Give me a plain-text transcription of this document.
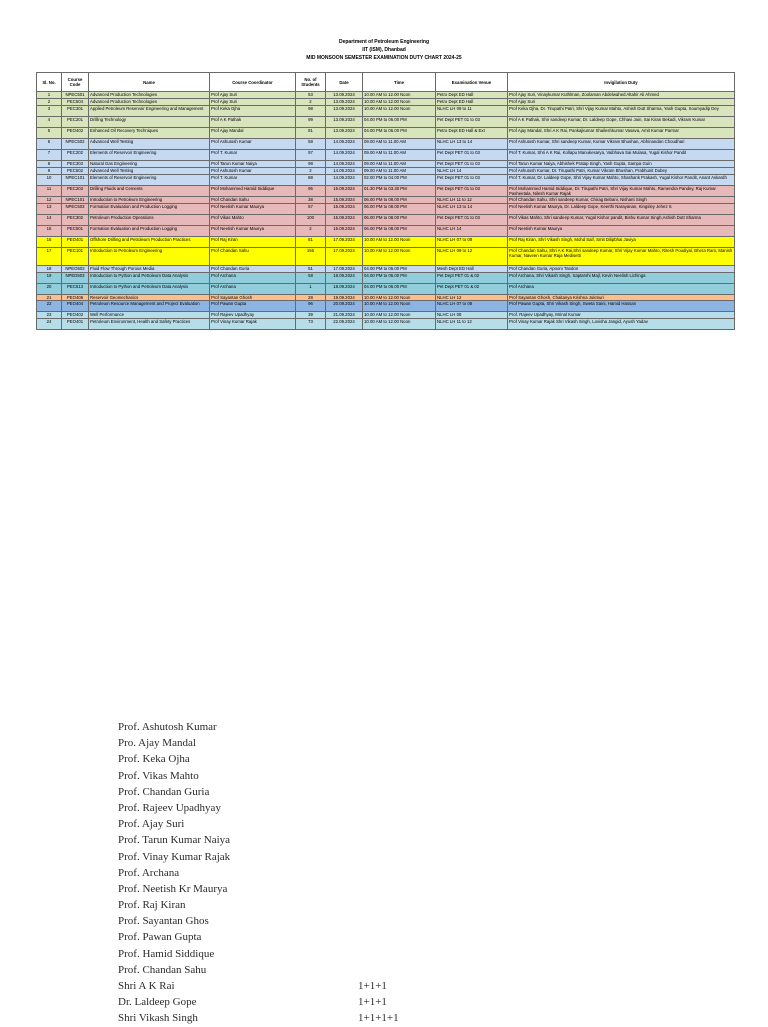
Department of Petroleum Engineering
IIT (ISM), Dhanbad
MID MONSOON SEMESTER EXAMINATION DUTY CHART 2024-25
Sl. No.	Course Code	Name	Course Coordinator	No. of Students	Date	Time	Examination Venue	Invigilation Duty
1	NPEC501	Advanced Production Technologies	Prof Ajay Suri	53	13.09.2024	10.00 AM to 12.00 Noon	Petro Dept ED Hall	Prof Ajay Suri, Vinaykumar Kuthlman, Zoolaman Abdelwahed Altahir Ali Ahmed
2	PEC504	Advanced Production Technologies	Prof Ajay Suri	2	13.09.2024	10.00 AM to 12.00 Noon	Petro Dept ED Hall	Prof Ajay Suri
3	PEC301	Applied Petroleum Reservoir Engineering and Management	Prof Keka Ojha	98	13.09.2024	10.00 AM to 12.00 Noon	NLHC LH 09 to 11	Prof Keka Ojha, Dr. Tirupathi Patri, Shri Vijay Kumar Mahto, Ashish Dutt Sharma, Yash Gupta, Soumyadip Dey
4	PEC201	Drilling Technology	Prof A K Pathak	99	13.09.2024	04.00 PM to 06.00 PM	Pet Dept PET 01 to 03	Prof A K Pathak, Shri sandeep Kumar, Dr. Laldeep Gope, Chhavi Jain, Sai Kiran Bekadi, Vikram Kumar
5	PEO402	Enhanced Oil Recovery Techniques	Prof Ajay Mandal	81	13.09.2024	04.00 PM to 06.00 PM	Petro Dept ED Hall & Ext	Prof Ajay Mandal, Shri A K Rai, Pankajkumar Shaileshkumar Vasava, Amit Kumar Parmar
6	NPEC502	Advanced Well Testing	Prof Ashutosh Kumar	58	14.09.2024	09.00 AM to 11.00 AM	NLHC LH 13 to 14	Prof Ashutosh Kumar, Shri sandeep Kumar, Kumar Vikram Bhushan, Abhinandan Choudhari
7	PEC202	Elements of Reservoir Engineering	Prof T. Kumar	97	14.09.2024	09.00 AM to 11.00 AM	Pet Dept PET 01 to 03	Prof T. Kumar, Shri A K Rai, Kollapu Manukesarya, Vaibhava Sai Mulasa, Yugal Kishor Pandit
8	PEC303	Natural Gas Engineering	Prof Tarun Kumar Naiya	98	14.09.2024	09.00 AM to 11.00 AM	Pet Dept PET 01 to 03	Prof Tarun Kumar Naiya, Abhishek Pratap Singh, Yash Gupta, Sampa Guin
9	PEC502	Advanced Well Testing	Prof Ashutosh Kumar	2	14.09.2024	09.00 AM to 11.00 AM	NLHC LH 14	Prof Ashutosh Kumar, Dr. Tirupathi Patri, Kumar Vikram Bhushan, Prabhunit Dubey
10	NPEC101	Elements of Reservoir Engineering	Prof T. Kumar	88	14.09.2024	02.00 PM to 04.00 PM	Pet Dept PET 01 to 03	Prof T. Kumar, Dr. Laldeep Gope, Shri Vijay Kumar Mahto, Shashank Prakash, Yugal Kishor Pandit, Anant Askardh
11	PEC203	Drilling Fluids and Cements	Prof Mohammed Hamid Siddique	95	15.09.2024	01.30 PM to 03.30 PM	Pet Dept PET 01 to 03	Prof Mohammed Hamid Siddique, Dr. Tirupathi Patri, Shri Vijay Kumar Mahto, Ramendra Pandey, Raj Kumar Pasheetala, Nilesh Kumar Rajak
12	NPEC101	Introduction to Petroleum Engineering	Prof Chandan Sahu	38	15.09.2024	06.00 PM to 08.00 PM	NLHC LH 11 to 12	Prof Chandan Sahu, Shri sandeep Kumar, Chirag Bebani, Nishant Singh
13	NPEC503	Formation Evaluation and Production Logging	Prof Neetish Kumar Maurya	57	15.09.2024	06.00 PM to 08.00 PM	NLHC LH 13 to 14	Prof Neetish Kumar Maurya, Dr. Laldeep Gope, Keerthi Narayanan, Kingsley Jehez S
14	PEC302	Petroleum Production Operations	Prof Vikas Mahto	100	15.09.2024	06.00 PM to 08.00 PM	Pet Dept PET 01 to 03	Prof Vikas Mahto, Shri sandeep Kumar, Yugal Kishor pandit, Bishu Kumar Singh,Ashish Dutt Sharma
15	PEC501	Formation Evaluation and Production Logging	Prof Neetish Kumar Maurya	2	15.09.2024	06.00 PM to 08.00 PM	NLHC LH 14	Prof Neetish Kumar Maurya
16	PEO401	Offshore Drilling and Petroleum Production Practices	Prof Raj Kiran	81	17.09.2024	10.00 AM to 12.00 Noon	NLHC LH 07 to 08	Prof Raj Kiran, Shri Vikash Singh, Mohd Saif, Smit Dilipbhai Javiya
17	PEC101	Introduction to Petroleum Engineering	Prof Chandan Sahu	156	17.09.2024	10.00 AM to 12.00 Noon	NLHC LH 09 to 12	Prof Chandan Sahu, Shri A K Rai,Shri sandeep Kumar, Shri Vijay Kumar Mahto, Ritesh Poudiyal, Bhera Ram, Manish Kumar, Naveen Kumar Raja Medisetti
18	NPEO502	Fluid Flow Through Porous Media	Prof Chandan Guria	51	17.09.2024	04.00 PM to 06.00 PM	Mesh Dept ED Hall	Prof Chandan Guria, Apoorv Tandon
19	NPED503	Introduction to Python and Petroleum Data Analysis	Prof Archana	58	18.09.2024	04.00 PM to 06.00 PM	Pet Dept PET 01 & 02	Prof Archana, Shri Vikash Singh, Saptarshi Majl, Kevin Neelish Lichinga
20	PEC513	Introduction to Python and Petroleum Data Analysis	Prof Archana	1	18.09.2024	04.00 PM to 06.00 PM	Pet Dept PET 01 & 02	Prof Archana
21	PEO406	Reservoir Geomechanics	Prof Sayantan Ghosh	28	19.09.2024	10.00 AM to 12.00 Noon	NLHC LH 12	Prof Sayantan Ghosh, Chaitanya Krishna Jukmuri
22	PEO404	Petroleum Resource Management and Project Evaluation	Prof Pawan Gupta	96	20.09.2024	10.00 AM to 12.00 Noon	NLHC LH 07 to 08	Prof Pawan Gupta, Shri Vikash Singh, Sweta Saini, Hamid Hassan
23	PEO402	Well Performance	Prof Rajeev Upadhyay	39	21.09.2024	10.00 AM to 12.00 Noon	NLHC LH 08	Prof. Rajeev Upadhyay, Mrinal Kumar
24	PEO401	Petroleum Environment, Health and Safety Practices	Prof Vinay Kumar Rajak	73	22.09.2024	10.00 AM to 12.00 Noon	NLHC LH 11 to 12	Prof Vinay Kumar Rajak Shri Vikash Singh, Lovisha Jangid, Ayush Yadav
Prof. Ashutosh Kumar
Pro. Ajay Mandal
Prof. Keka Ojha
Prof. Vikas Mahto
Prof. Chandan Guria
Prof. Rajeev Upadhyay
Prof. Ajay Suri
Prof. Tarun Kumar Naiya
Prof. Vinay Kumar Rajak
Prof. Archana
Prof. Neetish Kr Maurya
Prof. Raj Kiran
Prof. Sayantan Ghos
Prof. Pawan Gupta
Prof. Hamid Siddique
Prof. Chandan Sahu
Shri A K Rai	1+1+1
Dr. Laldeep Gope	1+1+1
Shri Vikash Singh	1+1+1+1
